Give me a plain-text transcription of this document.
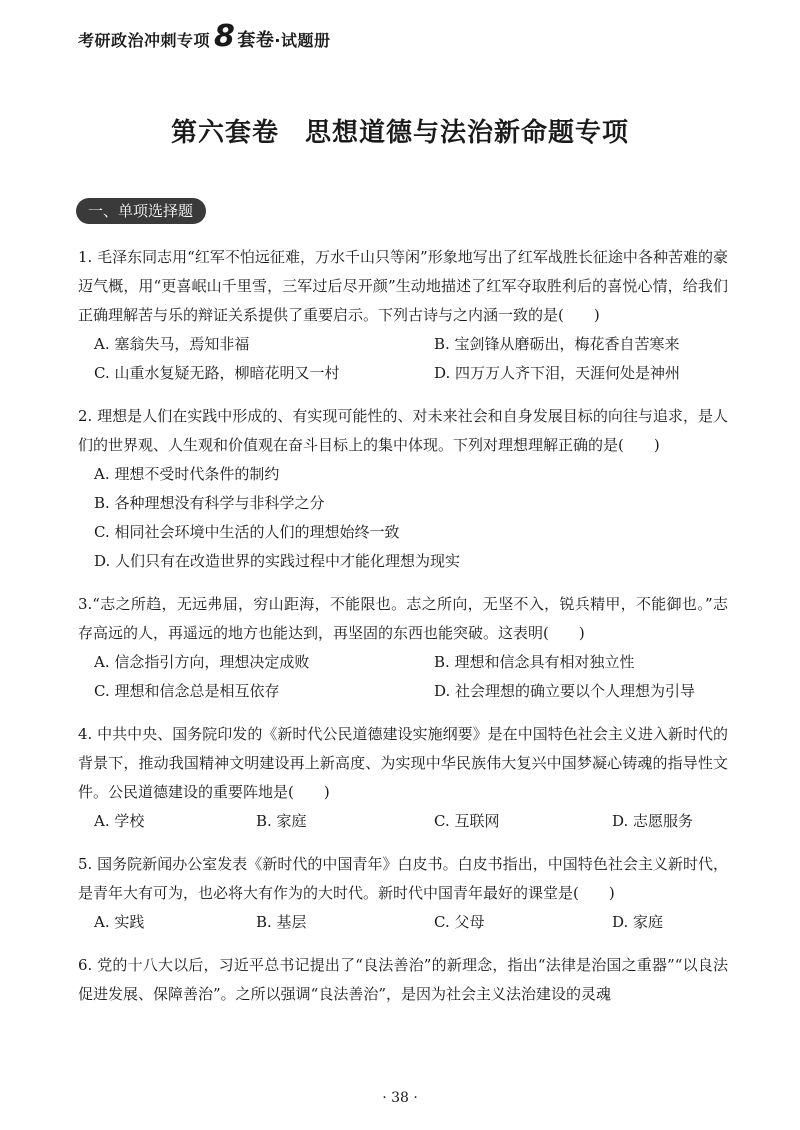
考研政治冲刺专项 8 套卷 ·试题册
第六套卷 思想道德与法治新命题专项
一、单项选择题
1. 毛泽东同志用“红军不怕远征难，万水千山只等闲”形象地写出了红军战胜长征途中各种苦难的豪迈气概，用“更喜岷山千里雪，三军过后尽开颜”生动地描述了红军夺取胜利后的喜悦心情，给我们正确理解苦与乐的辩证关系提供了重要启示。下列古诗与之内涵一致的是(　　)
A. 塞翁失马，焉知非福	B. 宝剑锋从磨砺出，梅花香自苦寒来
C. 山重水复疑无路，柳暗花明又一村	D. 四万万人齐下泪，天涯何处是神州
2. 理想是人们在实践中形成的、有实现可能性的、对未来社会和自身发展目标的向往与追求，是人们的世界观、人生观和价值观在奋斗目标上的集中体现。下列对理想理解正确的是(　　)
A. 理想不受时代条件的制约
B. 各种理想没有科学与非科学之分
C. 相同社会环境中生活的人们的理想始终一致
D. 人们只有在改造世界的实践过程中才能化理想为现实
3.“志之所趋，无远弗届，穷山距海，不能限也。志之所向，无坚不入，锐兵精甲，不能御也。”志存高远的人，再遥远的地方也能达到，再坚固的东西也能突破。这表明(　　)
A. 信念指引方向，理想决定成败	B. 理想和信念具有相对独立性
C. 理想和信念总是相互依存	D. 社会理想的确立要以个人理想为引导
4. 中共中央、国务院印发的《新时代公民道德建设实施纲要》是在中国特色社会主义进入新时代的背景下，推动我国精神文明建设再上新高度、为实现中华民族伟大复兴中国梦凝心铸魂的指导性文件。公民道德建设的重要阵地是(　　)
A. 学校	B. 家庭	C. 互联网	D. 志愿服务
5. 国务院新闻办公室发表《新时代的中国青年》白皮书。白皮书指出，中国特色社会主义新时代，是青年大有可为，也必将大有作为的大时代。新时代中国青年最好的课堂是(　　)
A. 实践	B. 基层	C. 父母	D. 家庭
6. 党的十八大以后，习近平总书记提出了“良法善治”的新理念，指出“法律是治国之重器”“以良法促进发展、保障善治”。之所以强调“良法善治”，是因为社会主义法治建设的灵魂
· 38 ·
